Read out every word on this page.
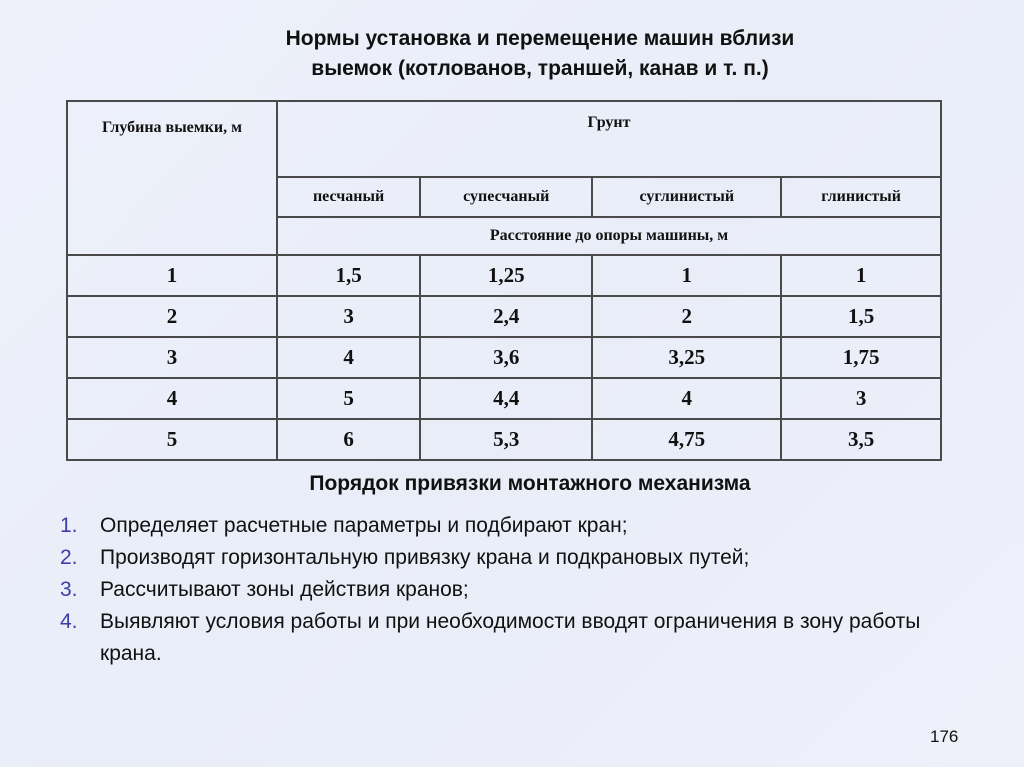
Нормы установка и перемещение машин вблизи
выемок (котлованов, траншей, канав и т. п.)
Глубина выемки, м	Грунт			
	песчаный	супесчаный	суглинистый	глинистый
	Расстояние до опоры машины, м			
1	1,5	1,25	1	1
2	3	2,4	2	1,5
3	4	3,6	3,25	1,75
4	5	4,4	4	3
5	6	5,3	4,75	3,5
Порядок привязки монтажного механизма
1.	Определяет расчетные параметры и подбирают кран;
2.	Производят горизонтальную привязку крана и подкрановых путей;
3.	Рассчитывают зоны действия кранов;
4.	Выявляют условия работы и при необходимости вводят ограничения в зону работы крана.
176
